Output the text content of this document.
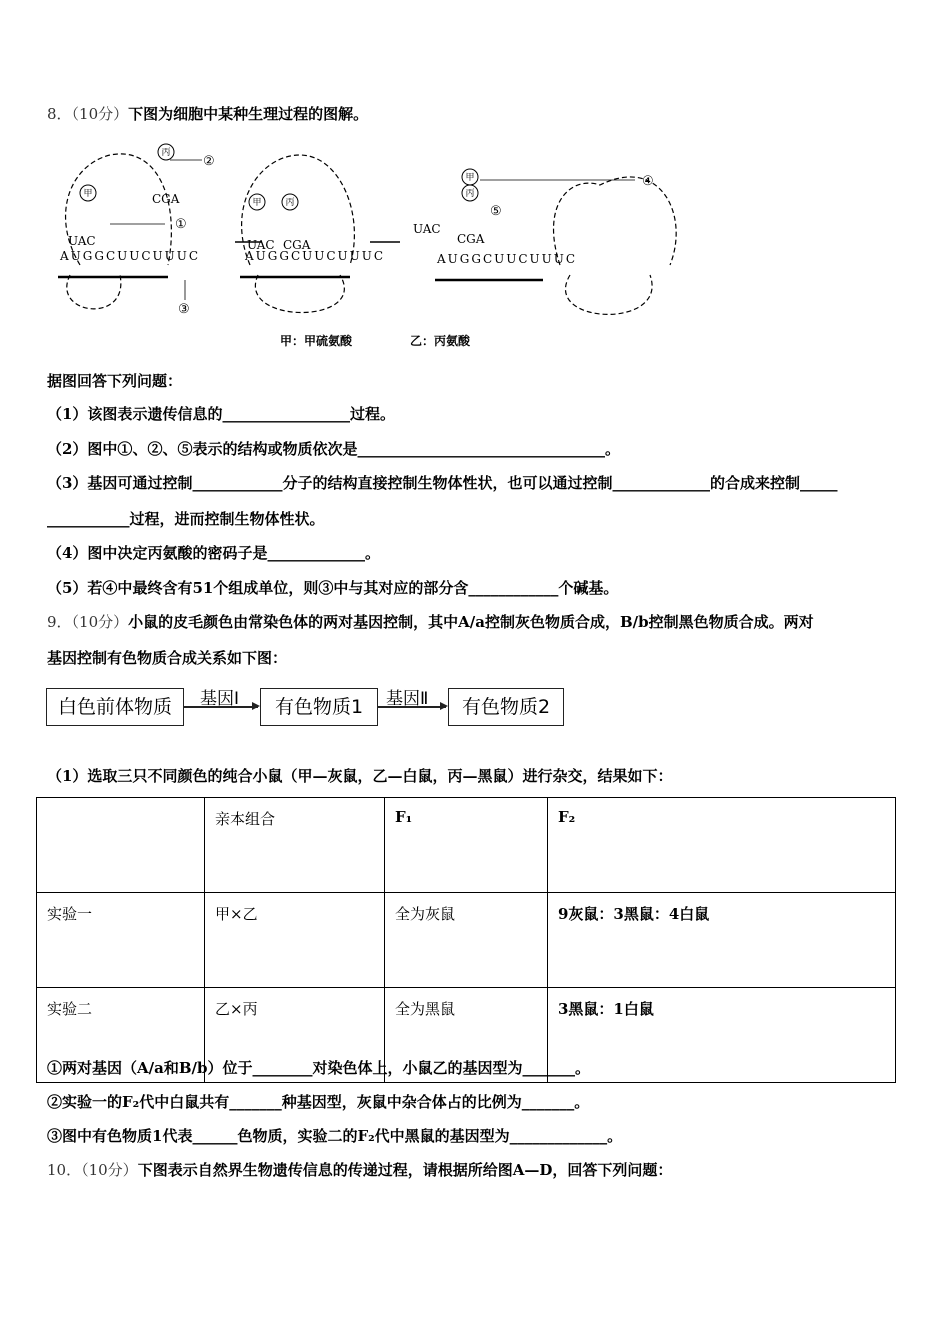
8．（10分）下图为细胞中某种生理过程的图解。
AUGGCUUCUUUC	AUGGCUUCUUUC	AUGGCUUCUUUC
UAC
CGA
UAC CGA
UAC
CGA
甲
丙
甲	丙
甲
丙
①
②
③
④
⑤
甲：甲硫氨酸	乙：丙氨酸
据图回答下列问题：
（1）该图表示遗传信息的_________________过程。
（2）图中①、②、⑤表示的结构或物质依次是_________________________________。
（3）基因可通过控制____________分子的结构直接控制生物体性状，也可以通过控制_____________的合成来控制_____
___________过程，进而控制生物体性状。
（4）图中决定丙氨酸的密码子是_____________。
（5）若④中最终含有51个组成单位，则③中与其对应的部分含____________个碱基。
9．（10分）小鼠的皮毛颜色由常染色体的两对基因控制，其中A/a控制灰色物质合成，B/b控制黑色物质合成。两对
基因控制有色物质合成关系如下图：
白色前体物质	基因Ⅰ	有色物质1	基因Ⅱ	有色物质2
（1）选取三只不同颜色的纯合小鼠（甲—灰鼠，乙—白鼠，丙—黑鼠）进行杂交，结果如下：
	亲本组合	F₁	F₂
实验一	甲×乙	全为灰鼠	9灰鼠：3黑鼠：4白鼠
实验二	乙×丙	全为黑鼠	3黑鼠：1白鼠
①两对基因（A/a和B/b）位于________对染色体上，小鼠乙的基因型为_______。
②实验一的F₂代中白鼠共有_______种基因型，灰鼠中杂合体占的比例为_______。
③图中有色物质1代表______色物质，实验二的F₂代中黑鼠的基因型为_____________。
10．（10分）下图表示自然界生物遗传信息的传递过程，请根据所给图A—D，回答下列问题：
